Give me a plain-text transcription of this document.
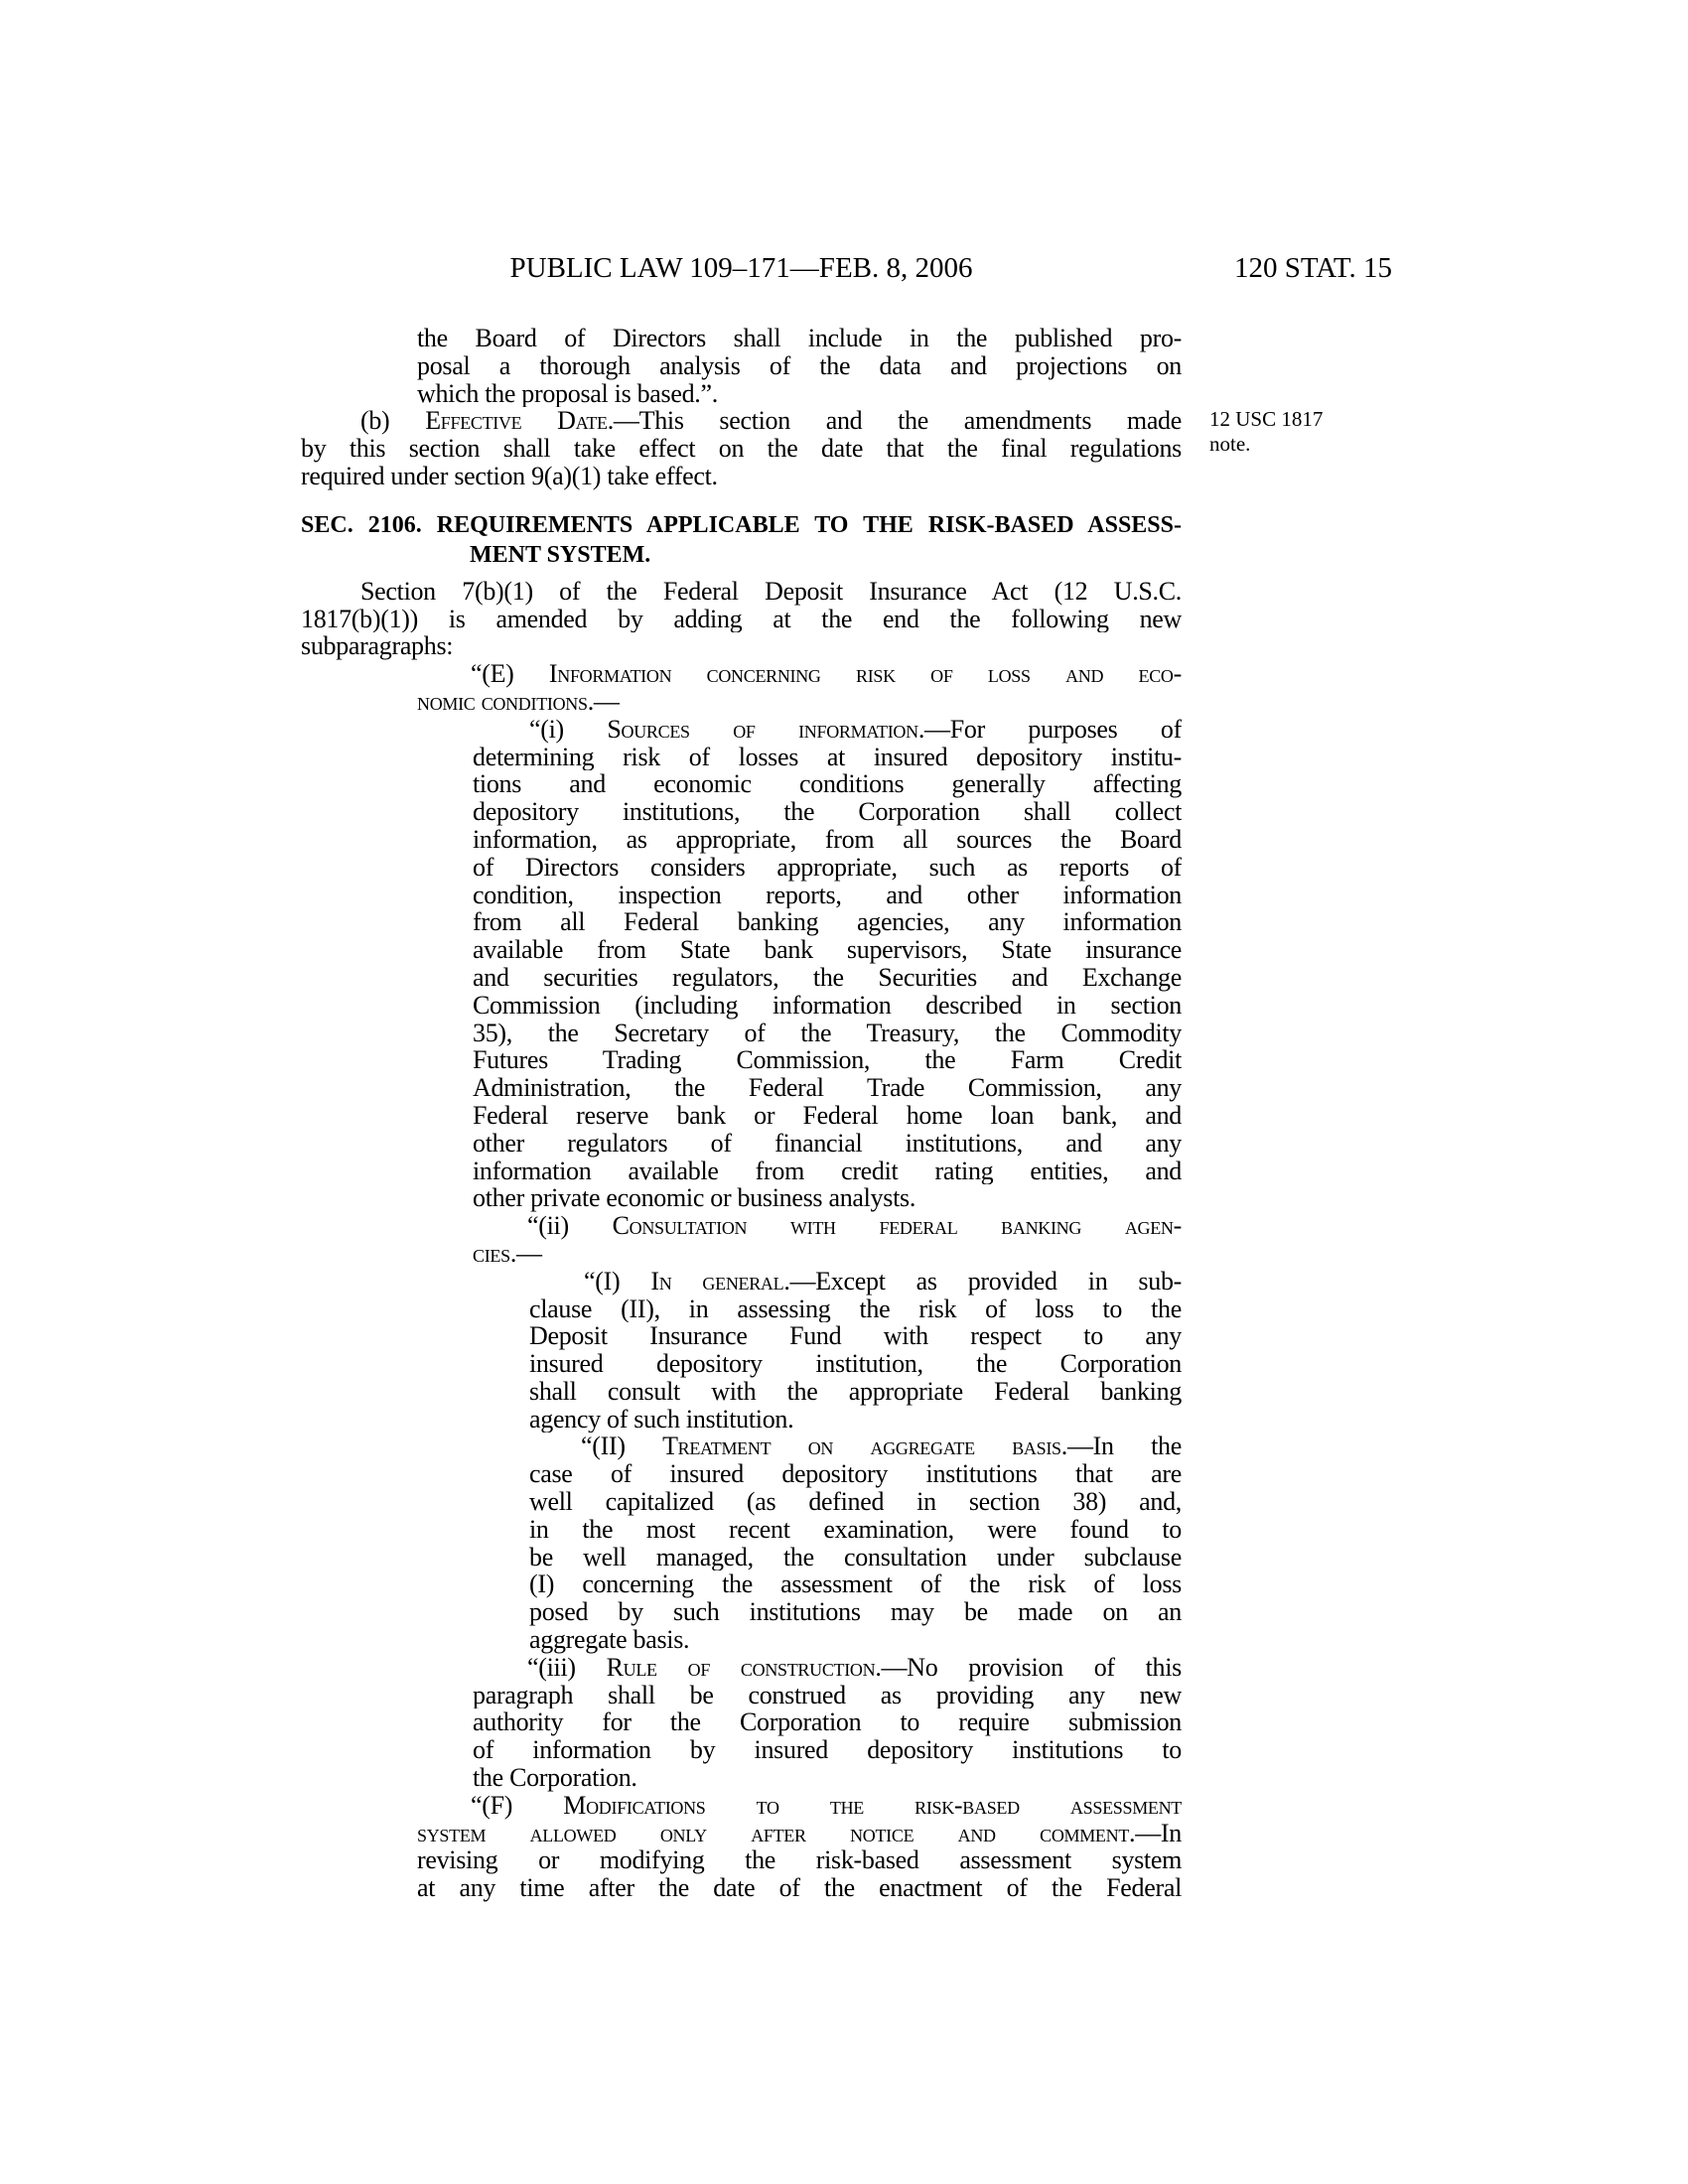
PUBLIC LAW 109–171—FEB. 8, 2006	120 STAT. 15
12 USC 1817
note.
the Board of Directors shall include in the published pro-
posal a thorough analysis of the data and projections on
which the proposal is based.”.
(b) Effective Date.—This section and the amendments made
by this section shall take effect on the date that the final regulations
required under section 9(a)(1) take effect.
SEC. 2106. REQUIREMENTS APPLICABLE TO THE RISK-BASED ASSESS-
MENT SYSTEM.
Section 7(b)(1) of the Federal Deposit Insurance Act (12 U.S.C.
1817(b)(1)) is amended by adding at the end the following new
subparagraphs:
“(E) Information concerning risk of loss and eco-
nomic conditions.—
“(i) Sources of information.—For purposes of
determining risk of losses at insured depository institu-
tions and economic conditions generally affecting
depository institutions, the Corporation shall collect
information, as appropriate, from all sources the Board
of Directors considers appropriate, such as reports of
condition, inspection reports, and other information
from all Federal banking agencies, any information
available from State bank supervisors, State insurance
and securities regulators, the Securities and Exchange
Commission (including information described in section
35), the Secretary of the Treasury, the Commodity
Futures Trading Commission, the Farm Credit
Administration, the Federal Trade Commission, any
Federal reserve bank or Federal home loan bank, and
other regulators of financial institutions, and any
information available from credit rating entities, and
other private economic or business analysts.
“(ii) Consultation with federal banking agen-
cies.—
“(I) In general.—Except as provided in sub-
clause (II), in assessing the risk of loss to the
Deposit Insurance Fund with respect to any
insured depository institution, the Corporation
shall consult with the appropriate Federal banking
agency of such institution.
“(II) Treatment on aggregate basis.—In the
case of insured depository institutions that are
well capitalized (as defined in section 38) and,
in the most recent examination, were found to
be well managed, the consultation under subclause
(I) concerning the assessment of the risk of loss
posed by such institutions may be made on an
aggregate basis.
“(iii) Rule of construction.—No provision of this
paragraph shall be construed as providing any new
authority for the Corporation to require submission
of information by insured depository institutions to
the Corporation.
“(F) Modifications to the risk-based assessment
system allowed only after notice and comment.—In
revising or modifying the risk-based assessment system
at any time after the date of the enactment of the Federal
